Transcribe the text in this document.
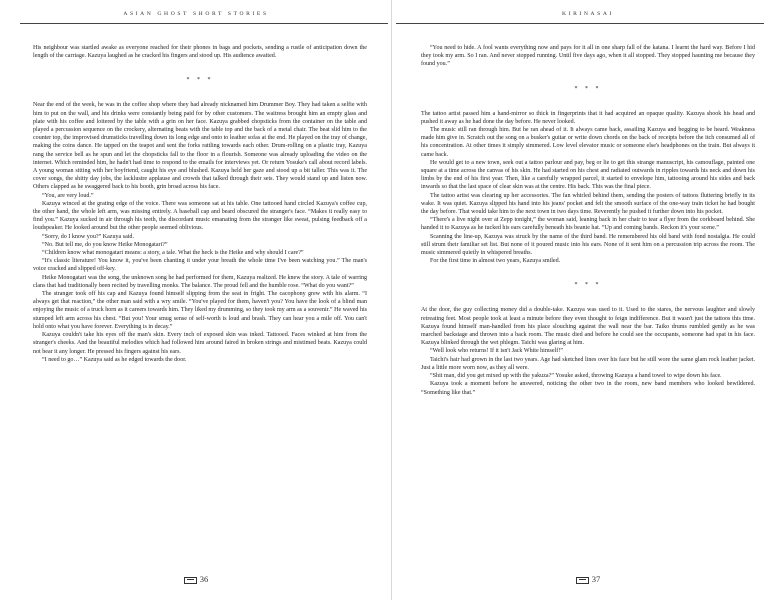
ASIAN GHOST SHORT STORIES

His neighbour was startled awake as everyone reached for their phones in bags and pockets, sending a rustle of anticipation down the length of the carriage. Kazuya laughed as he cracked his fingers and stood up. His audience awaited.

* * *

Near the end of the week, he was in the coffee shop where they had already nicknamed him Drummer Boy. They had taken a selfie with him to put on the wall, and his drinks were constantly being paid for by other customers. The waitress brought him an empty glass and plate with his coffee and loitered by the table with a grin on her face. Kazuya grabbed chopsticks from the container on the table and played a percussion sequence on the crockery, alternating beats with the table top and the back of a metal chair. The beat slid him to the counter top, the improvised drumsticks travelling down its long edge and onto to leather sofas at the end. He played on the tray of change, making the coins dance. He tapped on the teapot and sent the forks rattling towards each other. Drum-rolling on a plastic tray, Kazuya rang the service bell as he spun and let the chopsticks fall to the floor in a flourish. Someone was already uploading the video on the internet. Which reminded him, he hadn't had time to respond to the emails for interviews yet. Or return Yosuke's call about record labels. A young woman sitting with her boyfriend, caught his eye and blushed. Kazuya held her gaze and stood up a bit taller. This was it. The cover songs, the shitty day jobs, the lacklustre applause and crowds that talked through their sets. They would stand up and listen now. Others clapped as he swaggered back to his booth, grin broad across his face.

“You, are very loud.”

Kazuya winced at the grating edge of the voice. There was someone sat at his table. One tattooed hand circled Kazuya's coffee cup, the other hand, the whole left arm, was missing entirely. A baseball cap and beard obscured the stranger's face. “Makes it really easy to find you.” Kazuya sucked in air through his teeth, the discordant music emanating from the stranger like sweat, pulsing feedback off a loudspeaker. He looked around but the other people seemed oblivious.

“Sorry, do I know you?” Kazuya said.

“No. But tell me, do you know Heike Monogatari?”

“Children know what monogatari means: a story, a tale. What the heck is the Heike and why should I care?”

“It's classic literature! You know it, you've been chanting it under your breath the whole time I've been watching you.” The man's voice cracked and slipped off-key.

Heike Monogatari was the song, the unknown song he had performed for them, Kazuya realized. He knew the story. A tale of warring clans that had traditionally been recited by travelling monks. The balance. The proud fell and the humble rose. “What do you want?”

The stranger took off his cap and Kazuya found himself slipping from the seat in fright. The cacophony grew with his alarm. “I always get that reaction,” the other man said with a wry smile. “You've played for them, haven't you? You have the look of a blind man enjoying the music of a truck horn as it careers towards him. They liked my drumming, so they took my arm as a souvenir.” He waved his stumped left arm across his chest. “But you! Your smug sense of self-worth is loud and brash. They can hear you a mile off. You can't hold onto what you have forever. Everything is in decay.”

Kazuya couldn't take his eyes off the man's skin. Every inch of exposed skin was inked. Tattooed. Faces winked at him from the stranger's cheeks. And the beautiful melodies which had followed him around faired in broken strings and mistimed beats. Kazuya could not bear it any longer. He pressed his fingers against his ears.

“I need to go…” Kazuya said as he edged towards the door.

36
KIRINASAI

“You need to hide. A fool wants everything now and pays for it all in one sharp fall of the katana. I learnt the hard way. Before I hid they took my arm. So I ran. And never stopped running. Until five days ago, when it all stopped. They stopped haunting me because they found you.”

* * *

The tattoo artist passed him a hand-mirror so thick in fingerprints that it had acquired an opaque quality. Kazuya shook his head and pushed it away as he had done the day before. He never looked.

The music still ran through him. But he ran ahead of it. It always came back, assailing Kazuya and begging to be heard. Weakness made him give in. Scratch out the song on a busker's guitar or write down chords on the back of receipts before the itch consumed all of his concentration. At other times it simply simmered. Low level elevator music or someone else's headphones on the train. But always it came back.

He would get to a new town, seek out a tattoo parlour and pay, beg or lie to get this strange manuscript, his camouflage, painted one square at a time across the canvas of his skin. He had started on his chest and radiated outwards in ripples towards his neck and down his limbs by the end of his first year. Then, like a carefully wrapped parcel, it started to envelope him, tattooing around his sides and back inwards so that the last space of clear skin was at the centre. His back. This was the final piece.

The tattoo artist was clearing up her accessories. The fan whirled behind them, sending the posters of tattoos fluttering briefly in its wake. It was quiet. Kazuya slipped his hand into his jeans' pocket and felt the smooth surface of the one-way train ticket he had bought the day before. That would take him to the next town in two days time. Reverently he pushed it further down into his pocket.

“There's a live night over at Zepp tonight,” the woman said, leaning back in her chair to tear a flyer from the corkboard behind. She handed it to Kazuya as he tucked his ears carefully beneath his beanie hat. “Up and coming bands. Reckon it's your scene.”

Scanning the line-up, Kazuya was struck by the name of the third band. He remembered his old band with fond nostalgia. He could still strum their familiar set list. But none of it poured music into his ears. None of it sent him on a percussion trip across the room. The music simmered quietly in whispered breaths.

For the first time in almost two years, Kazuya smiled.

* * *

At the door, the guy collecting money did a double-take. Kazuya was used to it. Used to the stares, the nervous laughter and slowly retreating feet. Most people took at least a minute before they even thought to feign indifference. But it wasn't just the tattoos this time. Kazuya found himself man-handled from his place slouching against the wall near the bar. Taiko drums rumbled gently as he was marched backstage and thrown into a back room. The music died and before he could see the occupants, someone had spat in his face. Kazuya blinked through the wet phlegm. Taichi was glaring at him.

“Well look who returns! If it isn't Jack White himself!”

Taichi's hair had grown in the last two years. Age had sketched lines over his face but he still wore the same glam rock leather jacket. Just a little more worn now, as they all were.

“Shit man, did you get mixed up with the yakuza?” Yosuke asked, throwing Kazuya a hand towel to wipe down his face.

Kazuya took a moment before he answered, noticing the other two in the room, new band members who looked bewildered. “Something like that.”

37
